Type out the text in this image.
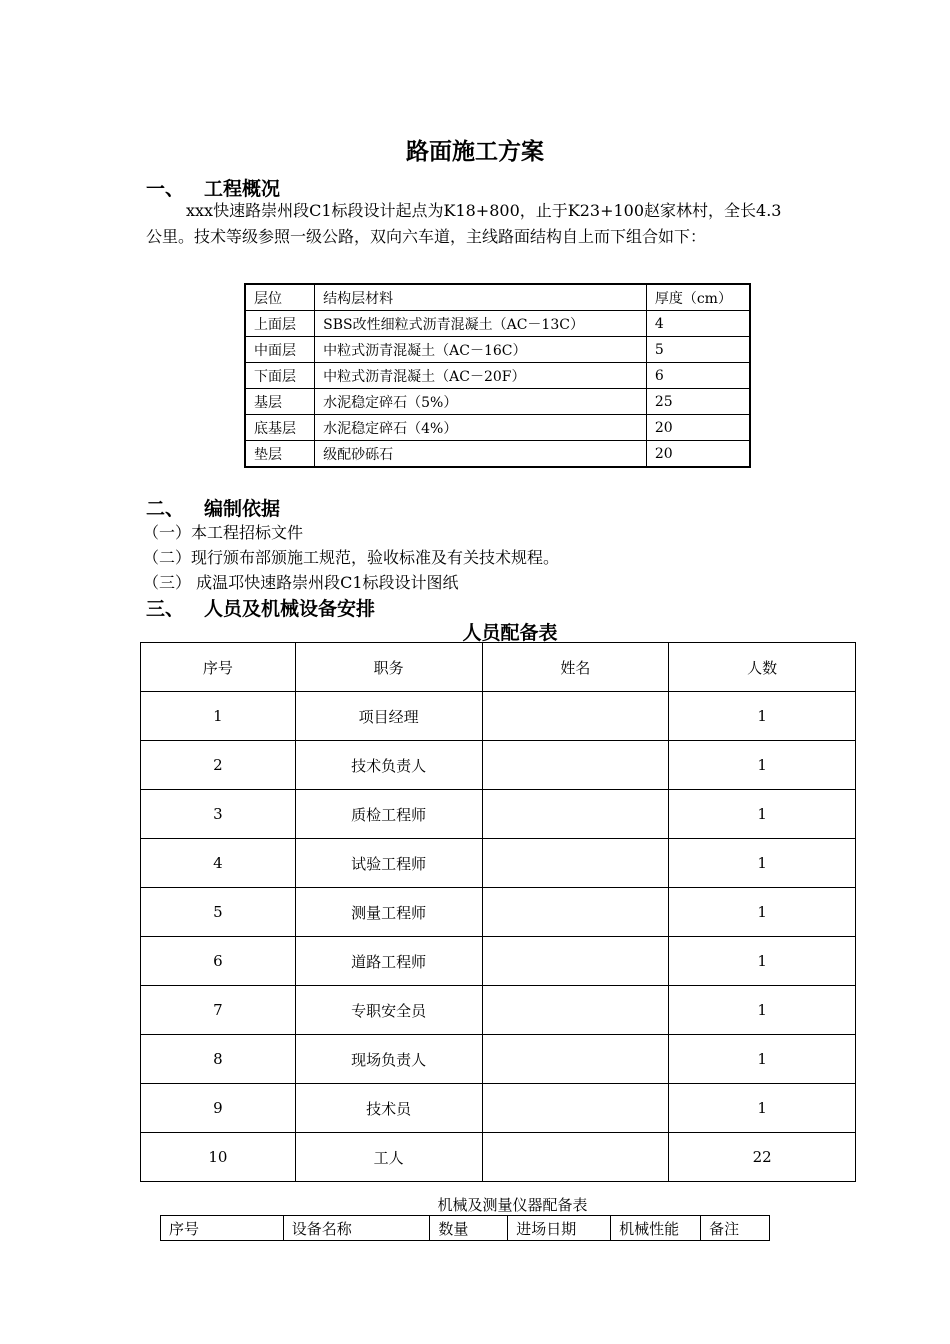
路面施工方案
一、 工程概况
xxx快速路崇州段C1标段设计起点为K18+800，止于K23+100赵家林村，全长4.3
公里。技术等级参照一级公路，双向六车道，主线路面结构自上而下组合如下：
层位	结构层材料	厚度（cm）
上面层	SBS改性细粒式沥青混凝土（AC－13C）	4
中面层	中粒式沥青混凝土（AC－16C）	5
下面层	中粒式沥青混凝土（AC－20F）	6
基层	水泥稳定碎石（5%）	25
底基层	水泥稳定碎石（4%）	20
垫层	级配砂砾石	20
二、 编制依据
（一）本工程招标文件
（二）现行颁布部颁施工规范，验收标准及有关技术规程。
（三） 成温邛快速路崇州段C1标段设计图纸
三、 人员及机械设备安排
人员配备表
序号	职务	姓名	人数
1	项目经理		1
2	技术负责人		1
3	质检工程师		1
4	试验工程师		1
5	测量工程师		1
6	道路工程师		1
7	专职安全员		1
8	现场负责人		1
9	技术员		1
10	工人		22
机械及测量仪器配备表
序号	设备名称	数量	进场日期	机械性能	备注
